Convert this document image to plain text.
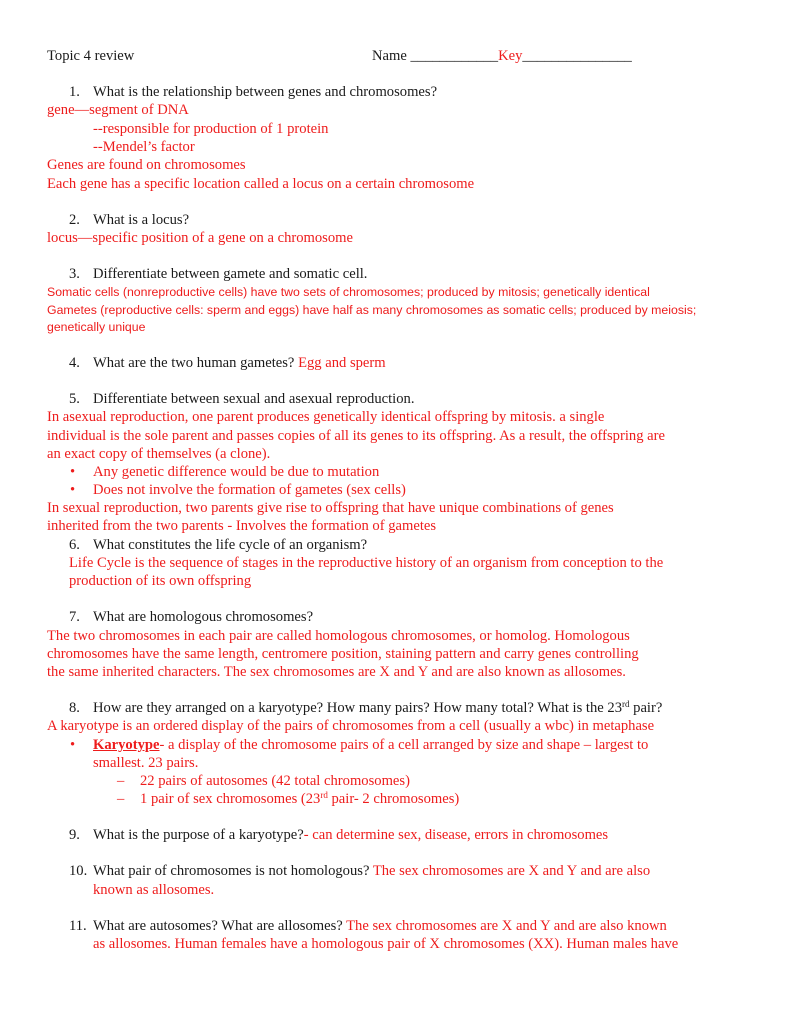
Topic 4 review	Name ____________Key_______________
1. What is the relationship between genes and chromosomes?
gene—segment of DNA
--responsible for production of 1 protein
--Mendel’s factor
Genes are found on chromosomes
Each gene has a specific location called a locus on a certain chromosome
2. What is a locus?
locus—specific position of a gene on a chromosome
3. Differentiate between gamete and somatic cell.
Somatic cells (nonreproductive cells) have two sets of chromosomes; produced by mitosis; genetically identical
Gametes (reproductive cells: sperm and eggs) have half as many chromosomes as somatic cells; produced by meiosis;
genetically unique
4. What are the two human gametes? Egg and sperm
5. Differentiate between sexual and asexual reproduction.
In asexual reproduction, one parent produces genetically identical offspring by mitosis. a single
individual is the sole parent and passes copies of all its genes to its offspring. As a result, the offspring are
an exact copy of themselves (a clone).
• Any genetic difference would be due to mutation
• Does not involve the formation of gametes (sex cells)
In sexual reproduction, two parents give rise to offspring that have unique combinations of genes
inherited from the two parents - Involves the formation of gametes
6. What constitutes the life cycle of an organism?
Life Cycle is the sequence of stages in the reproductive history of an organism from conception to the
production of its own offspring
7. What are homologous chromosomes?
The two chromosomes in each pair are called homologous chromosomes, or homolog. Homologous
chromosomes have the same length, centromere position, staining pattern and carry genes controlling
the same inherited characters. The sex chromosomes are X and Y and are also known as allosomes.
8. How are they arranged on a karyotype? How many pairs? How many total? What is the 23rd pair?
A karyotype is an ordered display of the pairs of chromosomes from a cell (usually a wbc) in metaphase
• Karyotype- a display of the chromosome pairs of a cell arranged by size and shape – largest to
smallest. 23 pairs.
– 22 pairs of autosomes (42 total chromosomes)
– 1 pair of sex chromosomes (23rd pair- 2 chromosomes)
9. What is the purpose of a karyotype?- can determine sex, disease, errors in chromosomes
10. What pair of chromosomes is not homologous? The sex chromosomes are X and Y and are also
known as allosomes.
11. What are autosomes? What are allosomes? The sex chromosomes are X and Y and are also known
as allosomes. Human females have a homologous pair of X chromosomes (XX). Human males have
